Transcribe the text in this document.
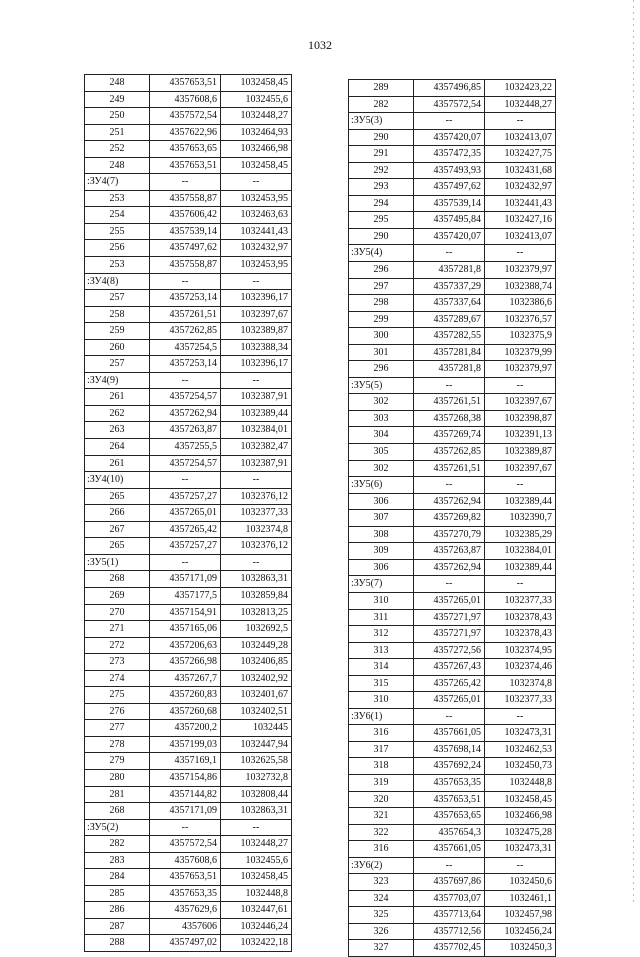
1032
248	4357653,51	1032458,45
249	4357608,6	1032455,6
250	4357572,54	1032448,27
251	4357622,96	1032464,93
252	4357653,65	1032466,98
248	4357653,51	1032458,45
:ЗУ4(7)	--	--
253	4357558,87	1032453,95
254	4357606,42	1032463,63
255	4357539,14	1032441,43
256	4357497,62	1032432,97
253	4357558,87	1032453,95
:ЗУ4(8)	--	--
257	4357253,14	1032396,17
258	4357261,51	1032397,67
259	4357262,85	1032389,87
260	4357254,5	1032388,34
257	4357253,14	1032396,17
:ЗУ4(9)	--	--
261	4357254,57	1032387,91
262	4357262,94	1032389,44
263	4357263,87	1032384,01
264	4357255,5	1032382,47
261	4357254,57	1032387,91
:ЗУ4(10)	--	--
265	4357257,27	1032376,12
266	4357265,01	1032377,33
267	4357265,42	1032374,8
265	4357257,27	1032376,12
:ЗУ5(1)	--	--
268	4357171,09	1032863,31
269	4357177,5	1032859,84
270	4357154,91	1032813,25
271	4357165,06	1032692,5
272	4357206,63	1032449,28
273	4357266,98	1032406,85
274	4357267,7	1032402,92
275	4357260,83	1032401,67
276	4357260,68	1032402,51
277	4357200,2	1032445
278	4357199,03	1032447,94
279	4357169,1	1032625,58
280	4357154,86	1032732,8
281	4357144,82	1032808,44
268	4357171,09	1032863,31
:ЗУ5(2)	--	--
282	4357572,54	1032448,27
283	4357608,6	1032455,6
284	4357653,51	1032458,45
285	4357653,35	1032448,8
286	4357629,6	1032447,61
287	4357606	1032446,24
288	4357497,02	1032422,18
289	4357496,85	1032423,22
282	4357572,54	1032448,27
:ЗУ5(3)	--	--
290	4357420,07	1032413,07
291	4357472,35	1032427,75
292	4357493,93	1032431,68
293	4357497,62	1032432,97
294	4357539,14	1032441,43
295	4357495,84	1032427,16
290	4357420,07	1032413,07
:ЗУ5(4)	--	--
296	4357281,8	1032379,97
297	4357337,29	1032388,74
298	4357337,64	1032386,6
299	4357289,67	1032376,57
300	4357282,55	1032375,9
301	4357281,84	1032379,99
296	4357281,8	1032379,97
:ЗУ5(5)	--	--
302	4357261,51	1032397,67
303	4357268,38	1032398,87
304	4357269,74	1032391,13
305	4357262,85	1032389,87
302	4357261,51	1032397,67
:ЗУ5(6)	--	--
306	4357262,94	1032389,44
307	4357269,82	1032390,7
308	4357270,79	1032385,29
309	4357263,87	1032384,01
306	4357262,94	1032389,44
:ЗУ5(7)	--	--
310	4357265,01	1032377,33
311	4357271,97	1032378,43
312	4357271,97	1032378,43
313	4357272,56	1032374,95
314	4357267,43	1032374,46
315	4357265,42	1032374,8
310	4357265,01	1032377,33
:ЗУ6(1)	--	--
316	4357661,05	1032473,31
317	4357698,14	1032462,53
318	4357692,24	1032450,73
319	4357653,35	1032448,8
320	4357653,51	1032458,45
321	4357653,65	1032466,98
322	4357654,3	1032475,28
316	4357661,05	1032473,31
:ЗУ6(2)	--	--
323	4357697,86	1032450,6
324	4357703,07	1032461,1
325	4357713,64	1032457,98
326	4357712,56	1032456,24
327	4357702,45	1032450,3
